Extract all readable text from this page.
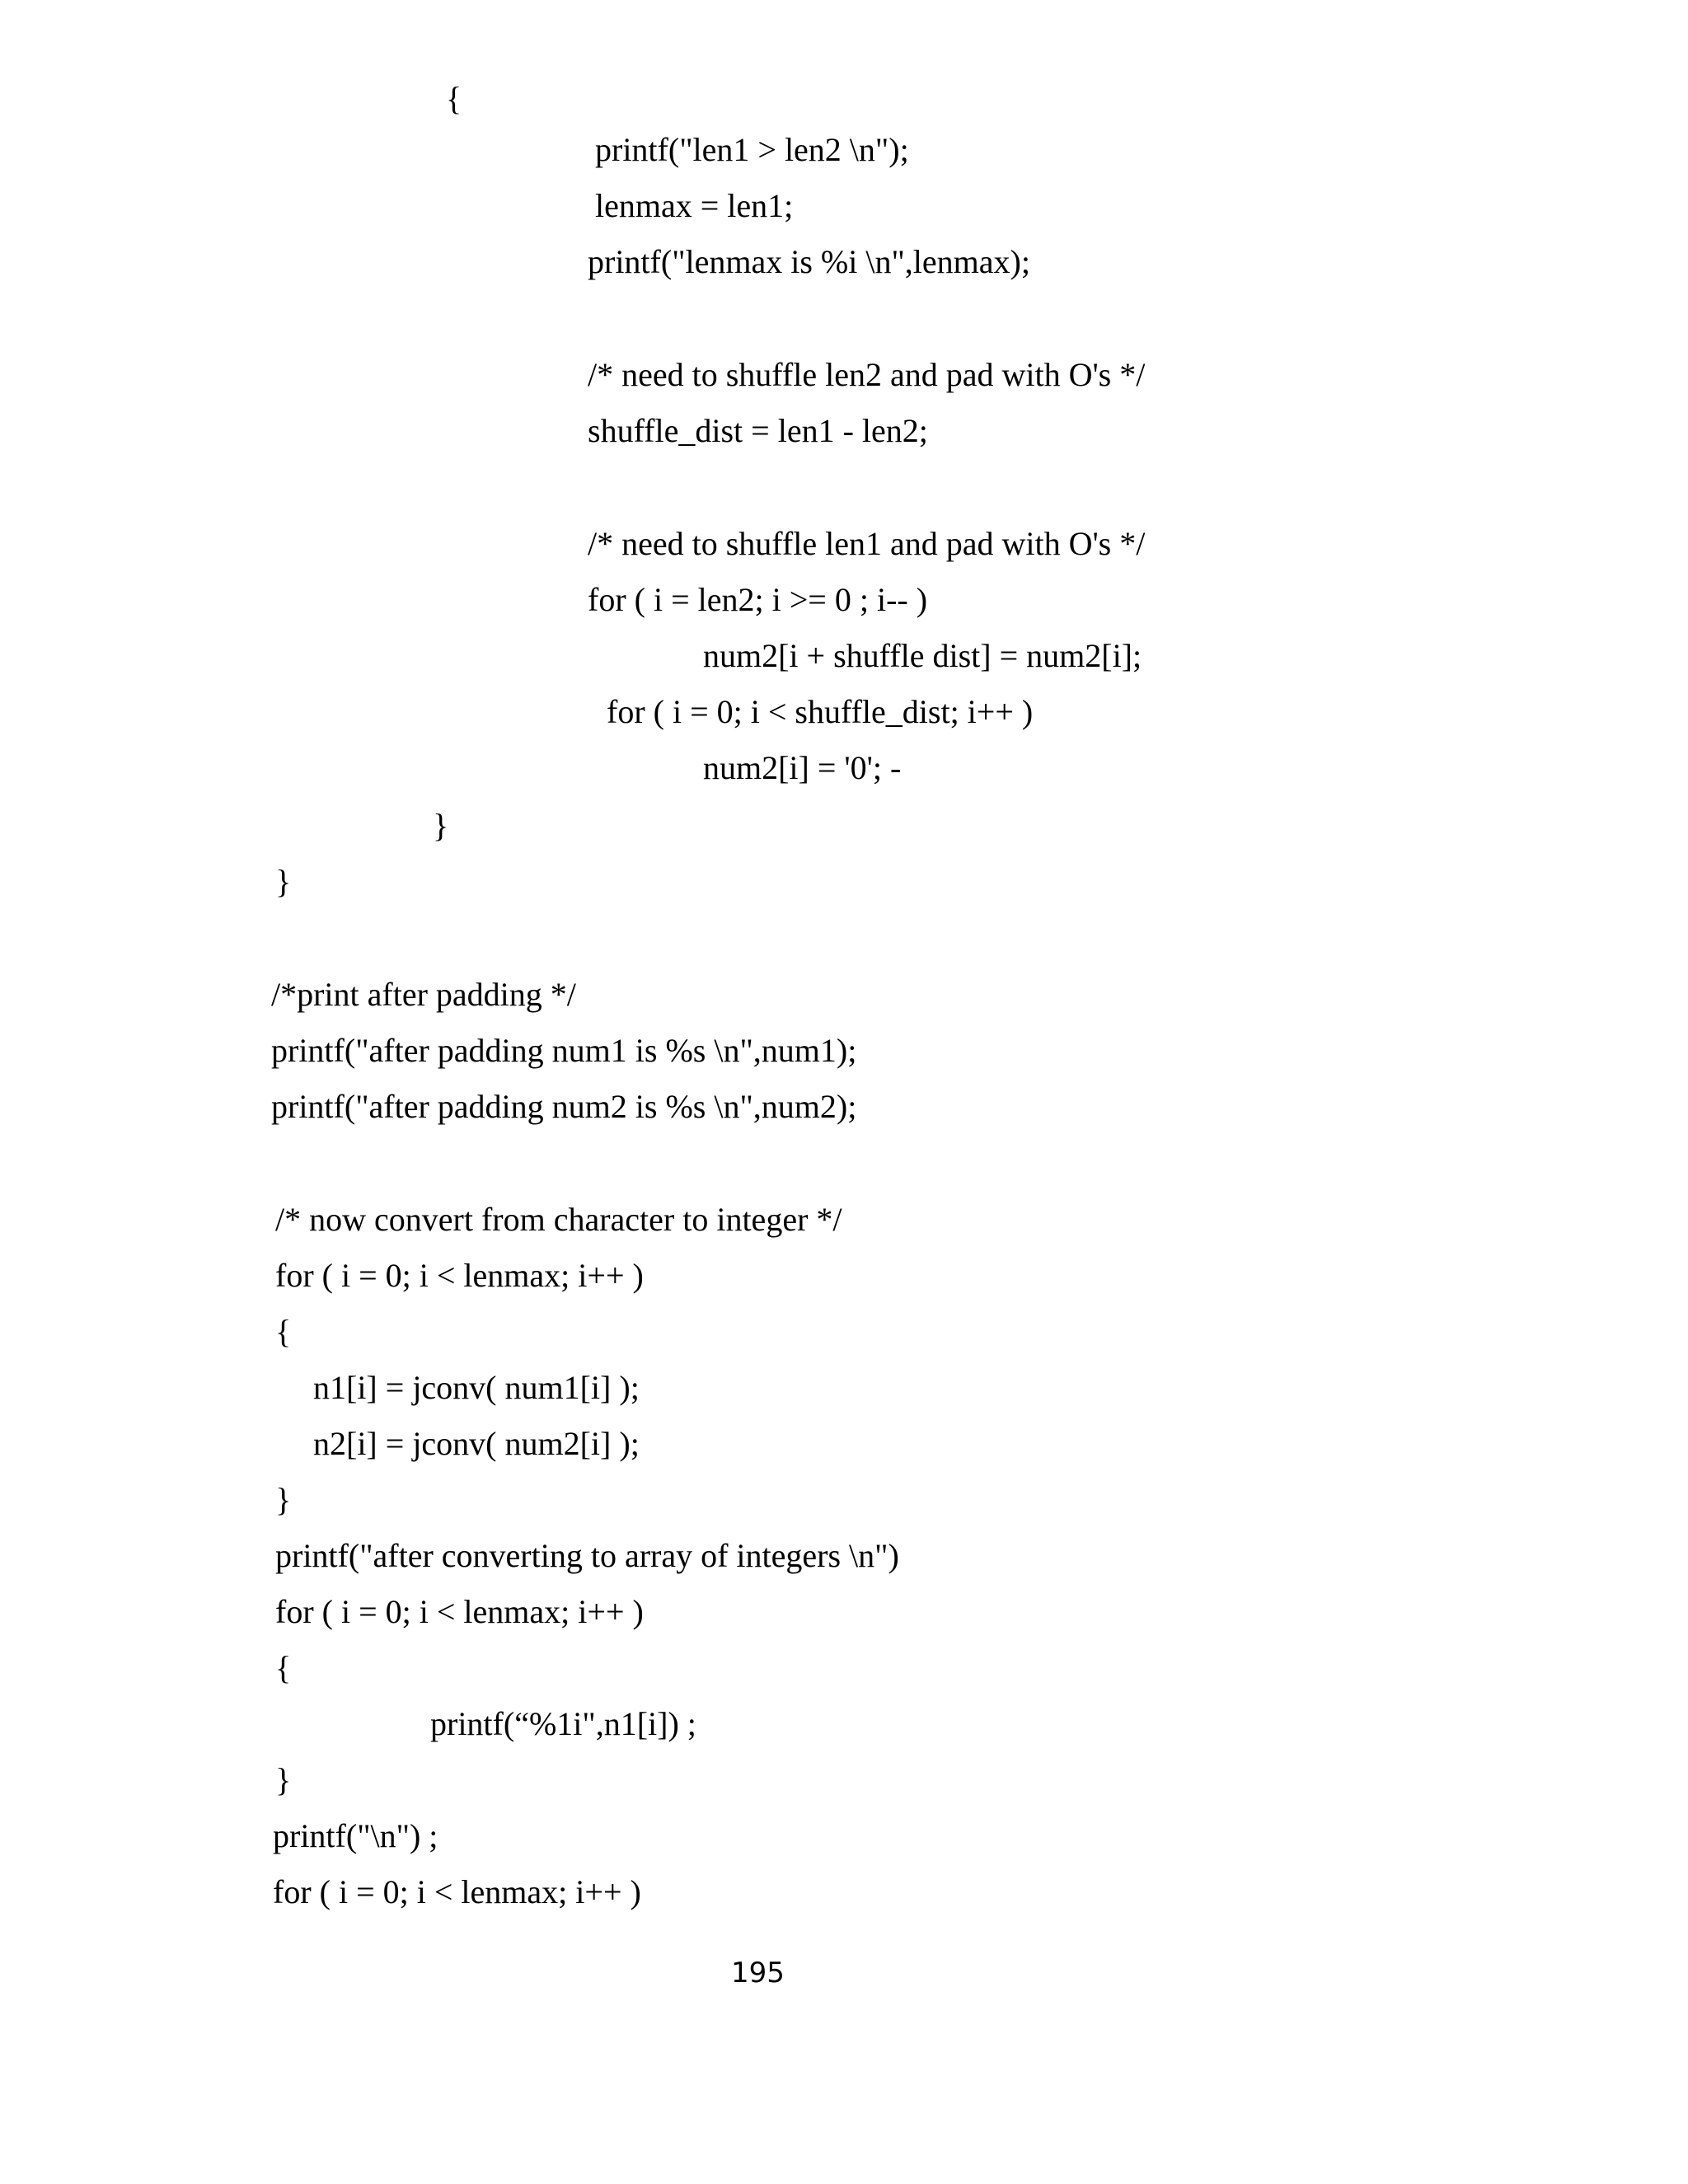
{
printf("len1 > len2 \n");
lenmax = len1;
printf("lenmax is %i \n",lenmax);
/* need to shuffle len2 and pad with O's */
shuffle_dist = len1 - len2;
/* need to shuffle len1 and pad with O's */
for ( i = len2; i >= 0 ; i-- )
num2[i + shuffle dist] = num2[i];
for ( i = 0; i < shuffle_dist; i++ )
num2[i] = '0'; -
}
}
/*print after padding */
printf("after padding num1 is %s \n",num1);
printf("after padding num2 is %s \n",num2);
/* now convert from character to integer */
for ( i = 0; i < lenmax; i++ )
{
n1[i] = jconv( num1[i] );
n2[i] = jconv( num2[i] );
}
printf("after converting to array of integers \n")
for ( i = 0; i < lenmax; i++ )
{
printf(“%1i",n1[i]) ;
}
printf("\n") ;
for ( i = 0; i < lenmax; i++ )
195
